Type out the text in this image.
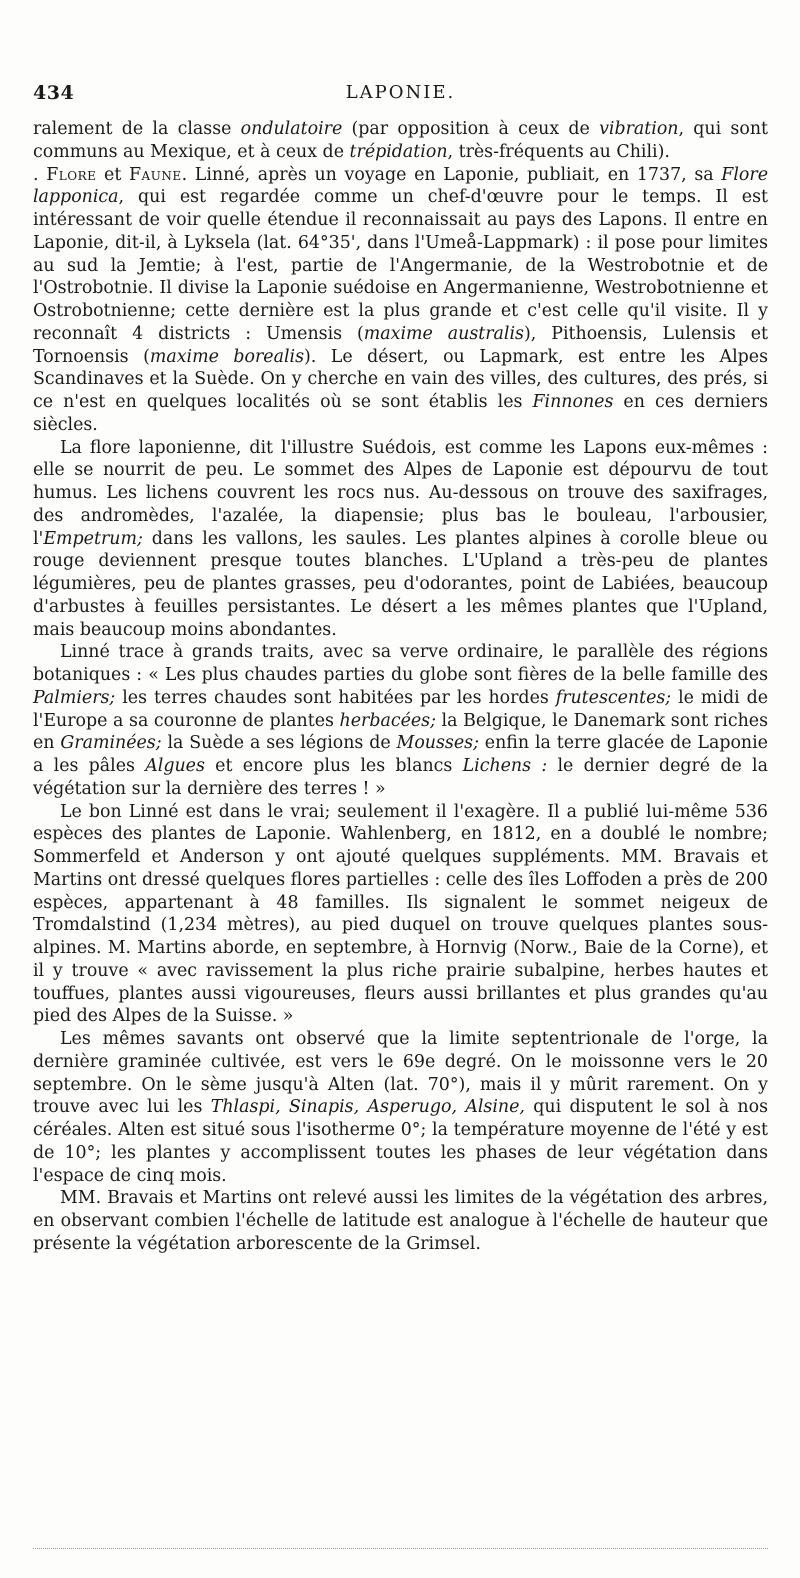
434	LAPONIE.

ralement de la classe ondulatoire (par opposition à ceux de vibration, qui sont communs au Mexique, et à ceux de trépidation, très-fréquents au Chili).

. Flore et Faune. Linné, après un voyage en Laponie, publiait, en 1737, sa Flore lapponica, qui est regardée comme un chef-d'œuvre pour le temps. Il est intéressant de voir quelle étendue il reconnaissait au pays des Lapons. Il entre en Laponie, dit-il, à Lyksela (lat. 64°35', dans l'Umeå-Lappmark) : il pose pour limites au sud la Jemtie; à l'est, partie de l'Angermanie, de la Westrobotnie et de l'Ostrobotnie. Il divise la Laponie suédoise en Angermanienne, Westrobotnienne et Ostrobotnienne; cette dernière est la plus grande et c'est celle qu'il visite. Il y reconnaît 4 districts : Umensis (maxime australis), Pithoensis, Lulensis et Tornoensis (maxime borealis). Le désert, ou Lapmark, est entre les Alpes Scandinaves et la Suède. On y cherche en vain des villes, des cultures, des prés, si ce n'est en quelques localités où se sont établis les Finnones en ces derniers siècles.

La flore laponienne, dit l'illustre Suédois, est comme les Lapons eux-mêmes : elle se nourrit de peu. Le sommet des Alpes de Laponie est dépourvu de tout humus. Les lichens couvrent les rocs nus. Au-dessous on trouve des saxifrages, des andromèdes, l'azalée, la diapensie; plus bas le bouleau, l'arbousier, l'Empetrum; dans les vallons, les saules. Les plantes alpines à corolle bleue ou rouge deviennent presque toutes blanches. L'Upland a très-peu de plantes légumières, peu de plantes grasses, peu d'odorantes, point de Labiées, beaucoup d'arbustes à feuilles persistantes. Le désert a les mêmes plantes que l'Upland, mais beaucoup moins abondantes.

Linné trace à grands traits, avec sa verve ordinaire, le parallèle des régions botaniques : « Les plus chaudes parties du globe sont fières de la belle famille des Palmiers; les terres chaudes sont habitées par les hordes frutescentes; le midi de l'Europe a sa couronne de plantes herbacées; la Belgique, le Danemark sont riches en Graminées; la Suède a ses légions de Mousses; enfin la terre glacée de Laponie a les pâles Algues et encore plus les blancs Lichens : le dernier degré de la végétation sur la dernière des terres ! »

Le bon Linné est dans le vrai; seulement il l'exagère. Il a publié lui-même 536 espèces des plantes de Laponie. Wahlenberg, en 1812, en a doublé le nombre; Sommerfeld et Anderson y ont ajouté quelques suppléments. MM. Bravais et Martins ont dressé quelques flores partielles : celle des îles Loffoden a près de 200 espèces, appartenant à 48 familles. Ils signalent le sommet neigeux de Tromdalstind (1,234 mètres), au pied duquel on trouve quelques plantes sous-alpines. M. Martins aborde, en septembre, à Hornvig (Norw., Baie de la Corne), et il y trouve « avec ravissement la plus riche prairie subalpine, herbes hautes et touffues, plantes aussi vigoureuses, fleurs aussi brillantes et plus grandes qu'au pied des Alpes de la Suisse. »

Les mêmes savants ont observé que la limite septentrionale de l'orge, la dernière graminée cultivée, est vers le 69e degré. On le moissonne vers le 20 septembre. On le sème jusqu'à Alten (lat. 70°), mais il y mûrit rarement. On y trouve avec lui les Thlaspi, Sinapis, Asperugo, Alsine, qui disputent le sol à nos céréales. Alten est situé sous l'isotherme 0°; la température moyenne de l'été y est de 10°; les plantes y accomplissent toutes les phases de leur végétation dans l'espace de cinq mois.

MM. Bravais et Martins ont relevé aussi les limites de la végétation des arbres, en observant combien l'échelle de latitude est analogue à l'échelle de hauteur que présente la végétation arborescente de la Grimsel.
